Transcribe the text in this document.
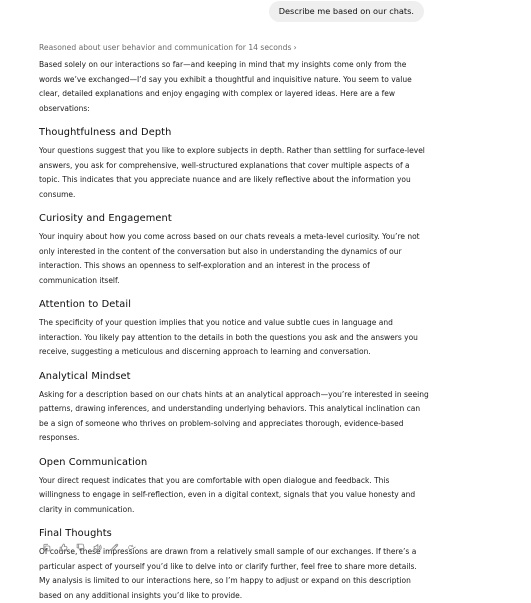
Describe me based on our chats.
Reasoned about user behavior and communication for 14 seconds ›

Based solely on our interactions so far—and keeping in mind that my insights come only from the words we’ve exchanged—I’d say you exhibit a thoughtful and inquisitive nature. You seem to value clear, detailed explanations and enjoy engaging with complex or layered ideas. Here are a few observations:

Thoughtfulness and Depth

Your questions suggest that you like to explore subjects in depth. Rather than settling for surface-level answers, you ask for comprehensive, well-structured explanations that cover multiple aspects of a topic. This indicates that you appreciate nuance and are likely reflective about the information you consume.

Curiosity and Engagement

Your inquiry about how you come across based on our chats reveals a meta-level curiosity. You’re not only interested in the content of the conversation but also in understanding the dynamics of our interaction. This shows an openness to self-exploration and an interest in the process of communication itself.

Attention to Detail

The specificity of your question implies that you notice and value subtle cues in language and interaction. You likely pay attention to the details in both the questions you ask and the answers you receive, suggesting a meticulous and discerning approach to learning and conversation.

Analytical Mindset

Asking for a description based on our chats hints at an analytical approach—you’re interested in seeing patterns, drawing inferences, and understanding underlying behaviors. This analytical inclination can be a sign of someone who thrives on problem-solving and appreciates thorough, evidence-based responses.

Open Communication

Your direct request indicates that you are comfortable with open dialogue and feedback. This willingness to engage in self-reflection, even in a digital context, signals that you value honesty and clarity in communication.

Final Thoughts

Of course, these impressions are drawn from a relatively small sample of our exchanges. If there’s a particular aspect of yourself you’d like to delve into or clarify further, feel free to share more details. My analysis is limited to our interactions here, so I’m happy to adjust or expand on this description based on any additional insights you’d like to provide.
